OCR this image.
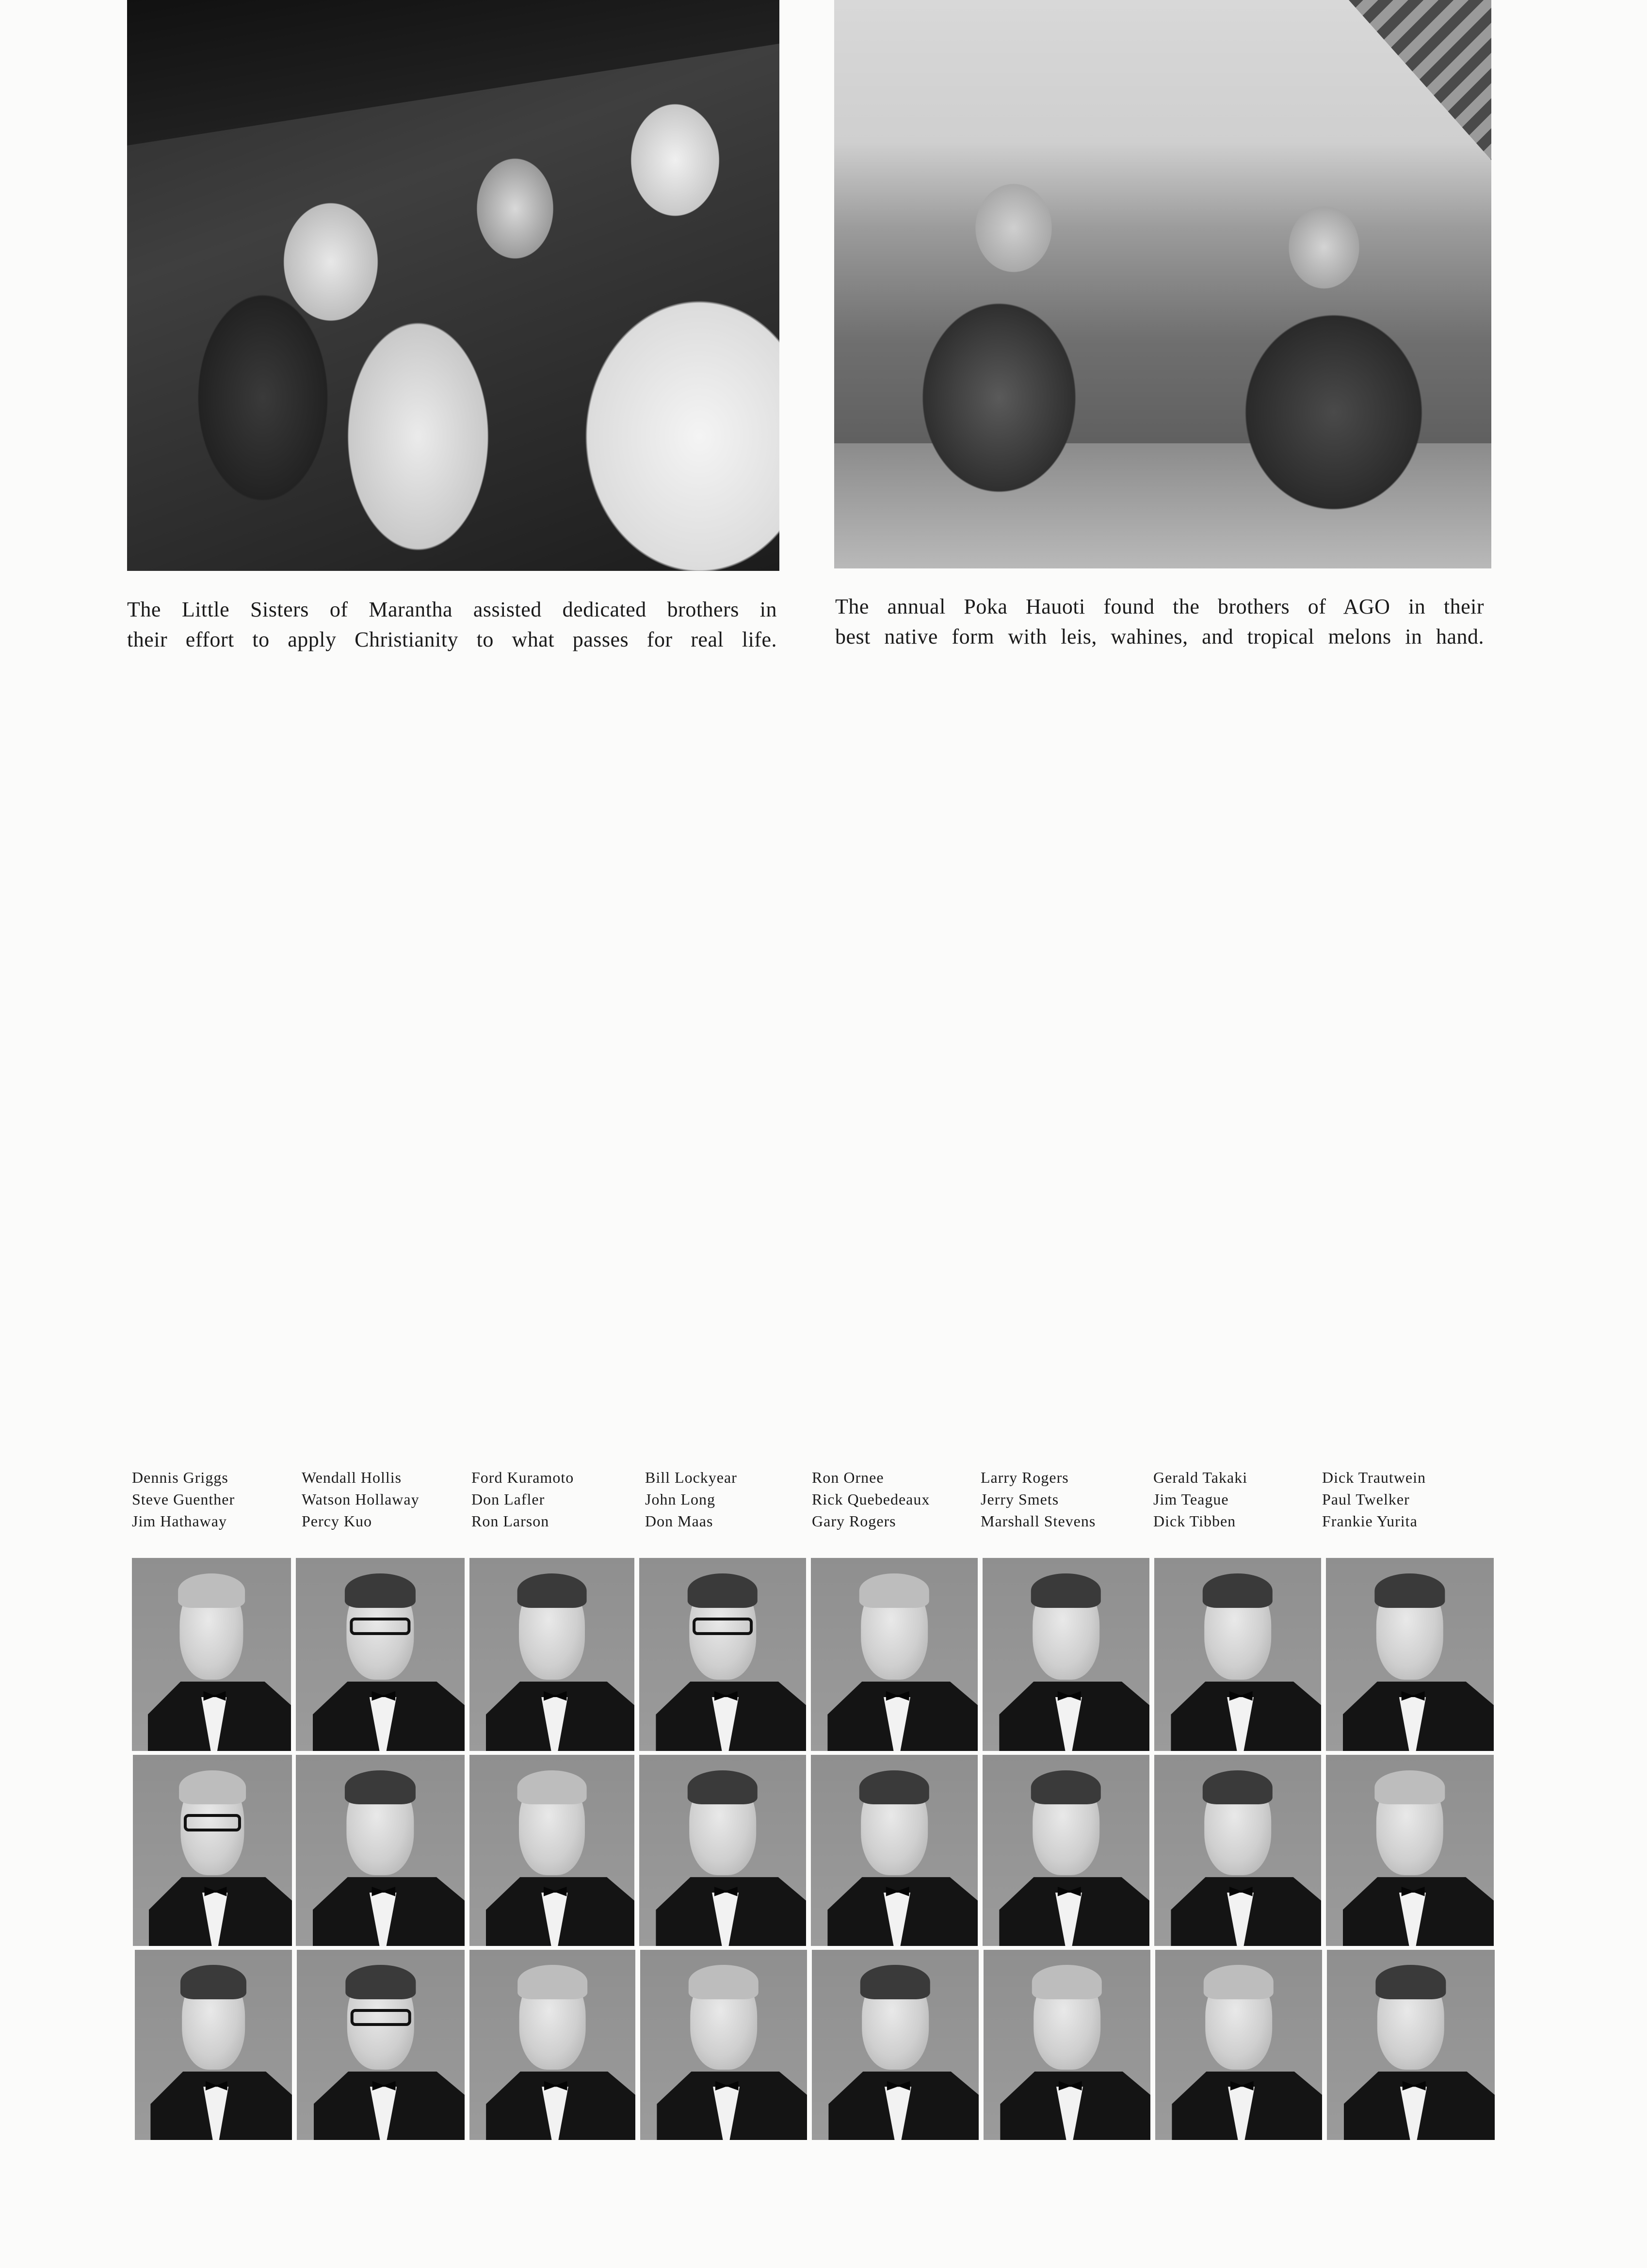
The Little Sisters of Marantha assisted dedicated brothers in
their effort to apply Christianity to what passes for real life.
The annual Poka Hauoti found the brothers of AGO in their
best native form with leis, wahines, and tropical melons in hand.
Dennis Griggs
Steve Guenther
Jim Hathaway
Wendall Hollis
Watson Hollaway
Percy Kuo
Ford Kuramoto
Don Lafler
Ron Larson
Bill Lockyear
John Long
Don Maas
Ron Ornee
Rick Quebedeaux
Gary Rogers
Larry Rogers
Jerry Smets
Marshall Stevens
Gerald Takaki
Jim Teague
Dick Tibben
Dick Trautwein
Paul Twelker
Frankie Yurita
